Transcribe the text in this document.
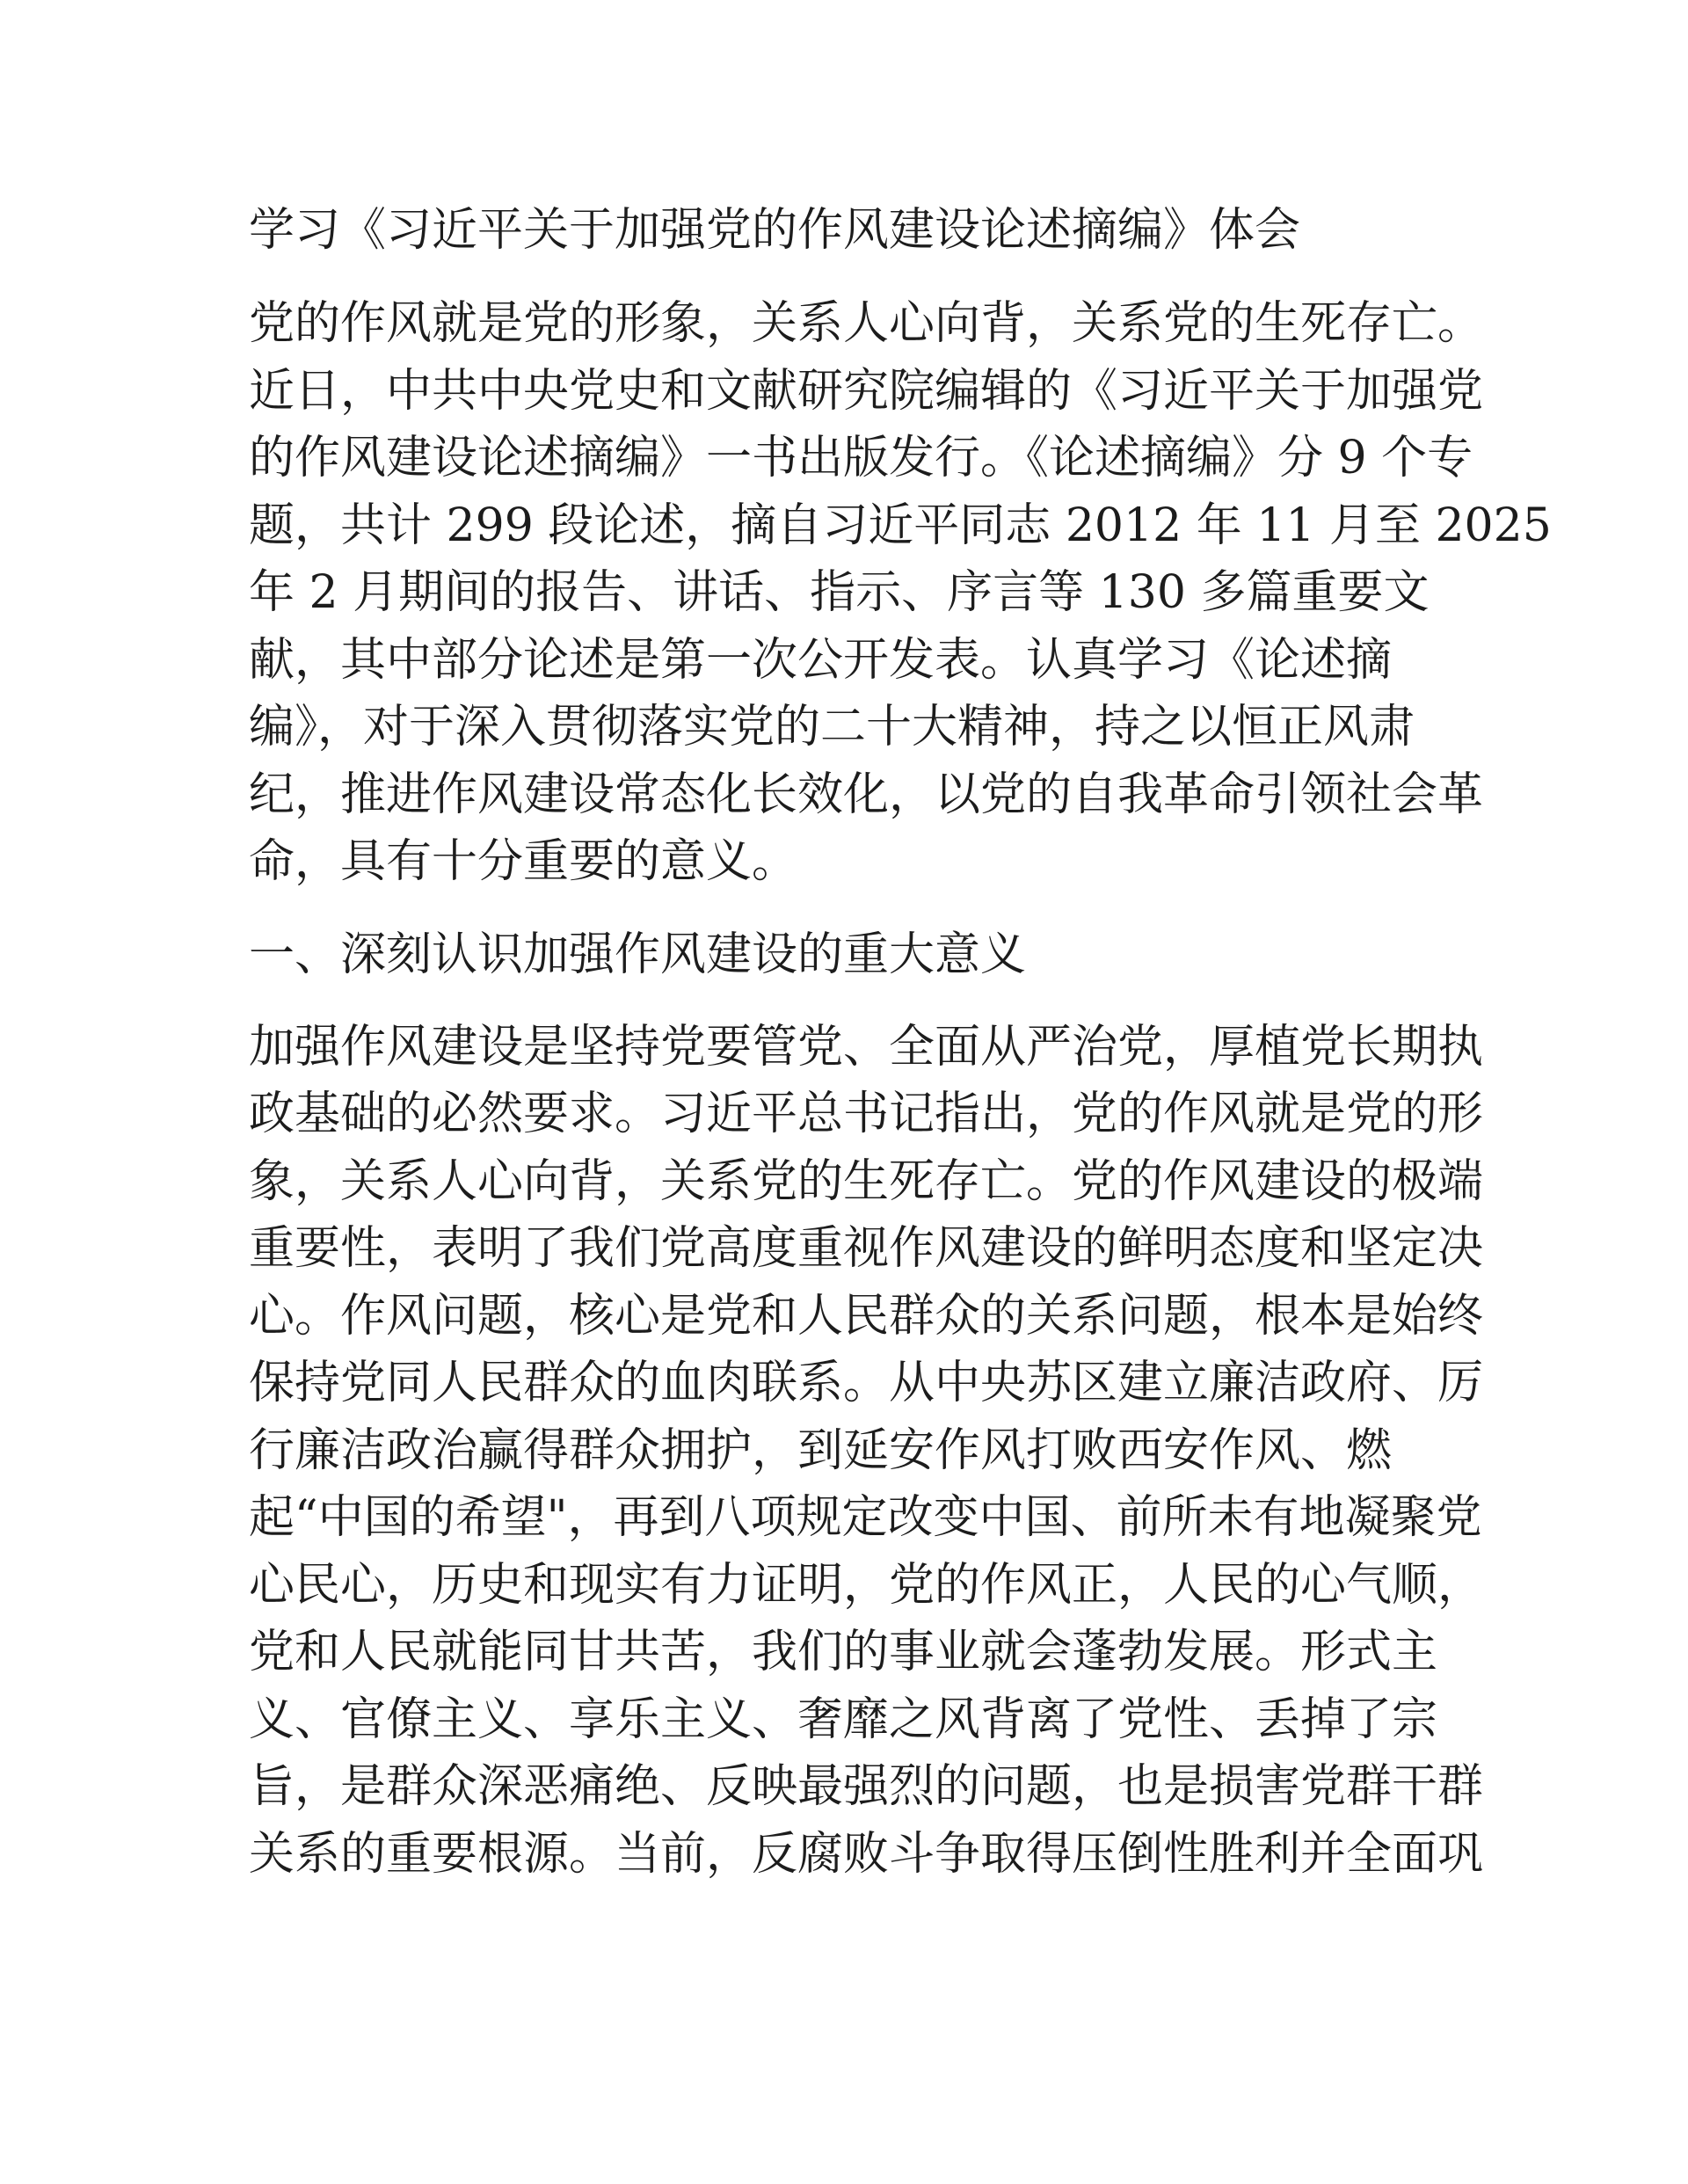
学习《习近平关于加强党的作风建设论述摘编》体会
党的作风就是党的形象，关系人心向背，关系党的生死存亡。
近日，中共中央党史和文献研究院编辑的《习近平关于加强党
的作风建设论述摘编》一书出版发行。《论述摘编》分 9 个专
题，共计 299 段论述，摘自习近平同志 2012 年 11 月至 2025
年 2 月期间的报告、讲话、指示、序言等 130 多篇重要文
献，其中部分论述是第一次公开发表。认真学习《论述摘
编》，对于深入贯彻落实党的二十大精神，持之以恒正风肃
纪，推进作风建设常态化长效化，以党的自我革命引领社会革
命，具有十分重要的意义。
一、深刻认识加强作风建设的重大意义
加强作风建设是坚持党要管党、全面从严治党，厚植党长期执
政基础的必然要求。习近平总书记指出，党的作风就是党的形
象，关系人心向背，关系党的生死存亡。党的作风建设的极端
重要性，表明了我们党高度重视作风建设的鲜明态度和坚定决
心。作风问题，核心是党和人民群众的关系问题，根本是始终
保持党同人民群众的血肉联系。从中央苏区建立廉洁政府、厉
行廉洁政治赢得群众拥护，到延安作风打败西安作风、燃
起“中国的希望"，再到八项规定改变中国、前所未有地凝聚党
心民心，历史和现实有力证明，党的作风正，人民的心气顺，
党和人民就能同甘共苦，我们的事业就会蓬勃发展。形式主
义、官僚主义、享乐主义、奢靡之风背离了党性、丢掉了宗
旨，是群众深恶痛绝、反映最强烈的问题，也是损害党群干群
关系的重要根源。当前，反腐败斗争取得压倒性胜利并全面巩
